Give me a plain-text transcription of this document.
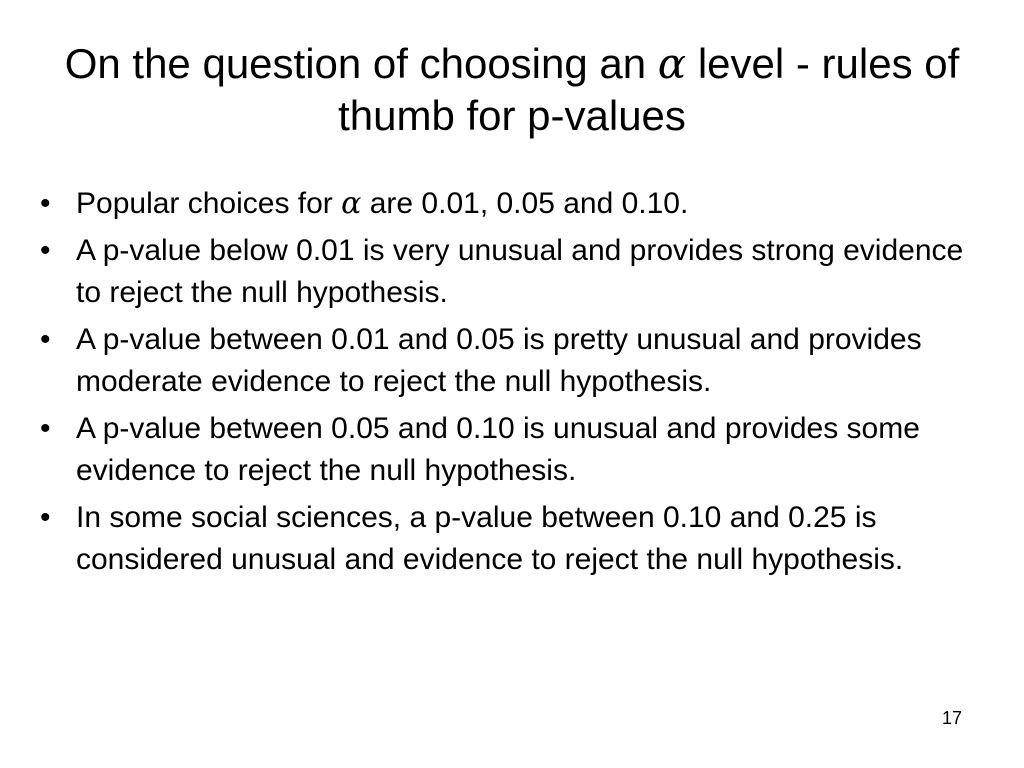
On the question of choosing an α level - rules of thumb for p-values
• Popular choices for α are 0.01, 0.05 and 0.10.
• A p-value below 0.01 is very unusual and provides strong evidence to reject the null hypothesis.
• A p-value between 0.01 and 0.05 is pretty unusual and provides moderate evidence to reject the null hypothesis.
• A p-value between 0.05 and 0.10 is unusual and provides some evidence to reject the null hypothesis.
• In some social sciences, a p-value between 0.10 and 0.25 is considered unusual and evidence to reject the null hypothesis.
17
